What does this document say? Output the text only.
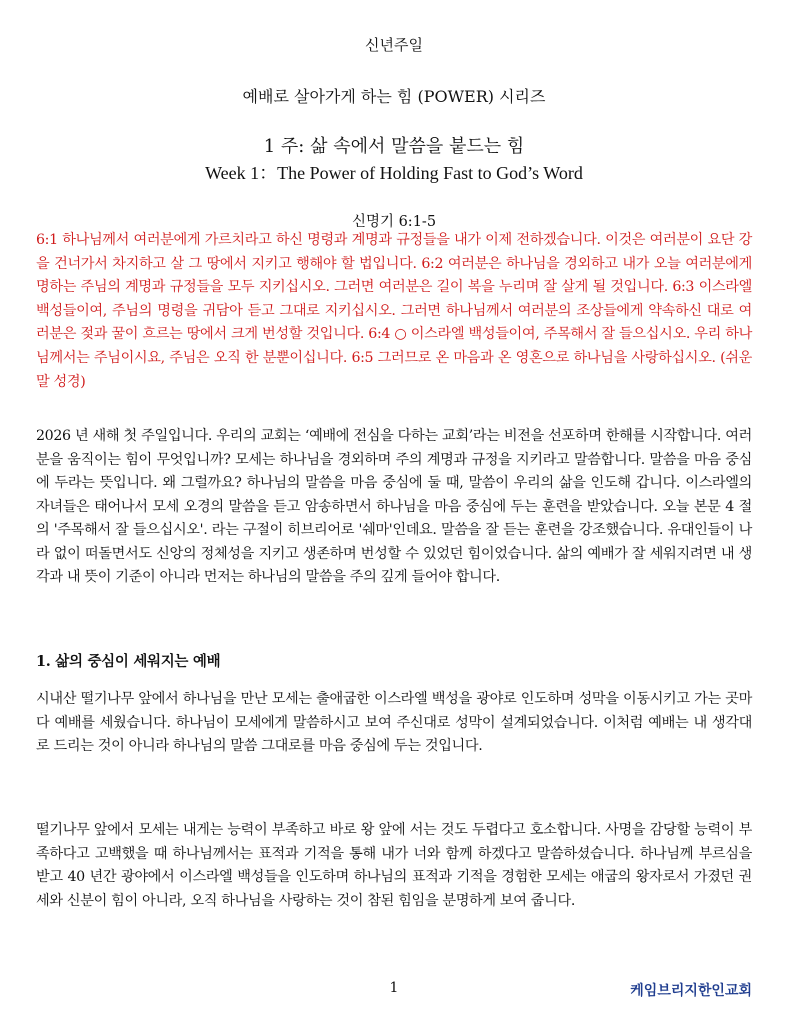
신년주일
예배로 살아가게 하는 힘 (POWER) 시리즈
1 주: 삶 속에서 말씀을 붙드는 힘
Week 1：The Power of Holding Fast to God’s Word
신명기 6:1-5

6:1 하나님께서 여러분에게 가르치라고 하신 명령과 계명과 규정들을 내가 이제 전하겠습니다. 이것은 여러분이 요단 강을 건너가서 차지하고 살 그 땅에서 지키고 행해야 할 법입니다. 6:2 여러분은 하나님을 경외하고 내가 오늘 여러분에게 명하는 주님의 계명과 규정들을 모두 지키십시오. 그러면 여러분은 길이 복을 누리며 잘 살게 될 것입니다. 6:3 이스라엘 백성들이여, 주님의 명령을 귀담아 듣고 그대로 지키십시오. 그러면 하나님께서 여러분의 조상들에게 약속하신 대로 여러분은 젖과 꿀이 흐르는 땅에서 크게 번성할 것입니다. 6:4 ○ 이스라엘 백성들이여, 주목해서 잘 들으십시오. 우리 하나님께서는 주님이시요, 주님은 오직 한 분뿐이십니다. 6:5 그러므로 온 마음과 온 영혼으로 하나님을 사랑하십시오. (쉬운말 성경)

2026 년 새해 첫 주일입니다. 우리의 교회는 ‘예배에 전심을 다하는 교회’라는 비전을 선포하며 한해를 시작합니다. 여러분을 움직이는 힘이 무엇입니까? 모세는 하나님을 경외하며 주의 계명과 규정을 지키라고 말씀합니다. 말씀을 마음 중심에 두라는 뜻입니다. 왜 그럴까요? 하나님의 말씀을 마음 중심에 둘 때, 말씀이 우리의 삶을 인도해 갑니다. 이스라엘의 자녀들은 태어나서 모세 오경의 말씀을 듣고 암송하면서 하나님을 마음 중심에 두는 훈련을 받았습니다. 오늘 본문 4 절의 '주목해서 잘 들으십시오'. 라는 구절이 히브리어로 '쉐마'인데요. 말씀을 잘 듣는 훈련을 강조했습니다. 유대인들이 나라 없이 떠돌면서도 신앙의 정체성을 지키고 생존하며 번성할 수 있었던 힘이었습니다. 삶의 예배가 잘 세워지려면 내 생각과 내 뜻이 기준이 아니라 먼저는 하나님의 말씀을 주의 깊게 들어야 합니다.

1. 삶의 중심이 세워지는 예배

시내산 떨기나무 앞에서 하나님을 만난 모세는 출애굽한 이스라엘 백성을 광야로 인도하며 성막을 이동시키고 가는 곳마다 예배를 세웠습니다. 하나님이 모세에게 말씀하시고 보여 주신대로 성막이 설계되었습니다. 이처럼 예배는 내 생각대로 드리는 것이 아니라 하나님의 말씀 그대로를 마음 중심에 두는 것입니다.

떨기나무 앞에서 모세는 내게는 능력이 부족하고 바로 왕 앞에 서는 것도 두렵다고 호소합니다. 사명을 감당할 능력이 부족하다고 고백했을 때 하나님께서는 표적과 기적을 통해 내가 너와 함께 하겠다고 말씀하셨습니다. 하나님께 부르심을 받고 40 년간 광야에서 이스라엘 백성들을 인도하며 하나님의 표적과 기적을 경험한 모세는 애굽의 왕자로서 가졌던 권세와 신분이 힘이 아니라, 오직 하나님을 사랑하는 것이 참된 힘임을 분명하게 보여 줍니다.

1	케임브리지한인교회
